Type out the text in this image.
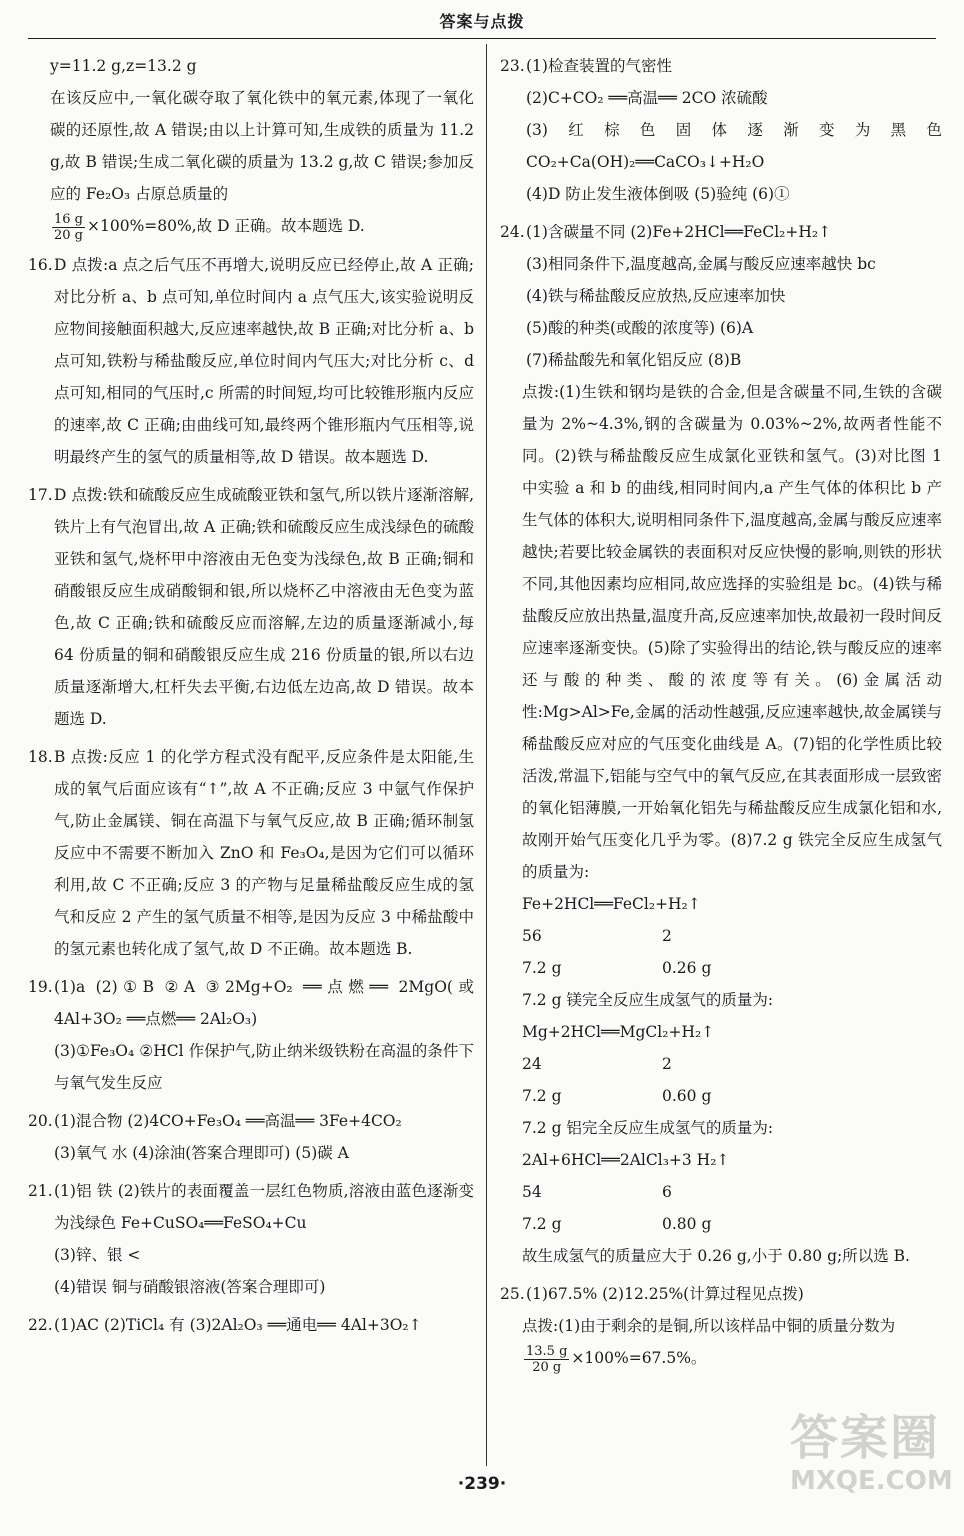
答案与点拨

y=11.2 g,z=13.2 g

在该反应中,一氧化碳夺取了氧化铁中的氧元素,体现了一氧化碳的还原性,故 A 错误;由以上计算可知,生成铁的质量为 11.2 g,故 B 错误;生成二氧化碳的质量为 13.2 g,故 C 错误;参加反应的 Fe₂O₃ 占原总质量的

$\frac{16 g}{20 g} \times 100\%=80\%$,故 D 正确。故本题选 D.

16. D 点拨:a 点之后气压不再增大,说明反应已经停止,故 A 正确;对比分析 a、b 点可知,单位时间内 a 点气压大,该实验说明反应物间接触面积越大,反应速率越快,故 B 正确;对比分析 a、b 点可知,铁粉与稀盐酸反应,单位时间内气压大;对比分析 c、d 点可知,相同的气压时,c 所需的时间短,均可比较锥形瓶内反应的速率,故 C 正确;由曲线可知,最终两个锥形瓶内气压相等,说明最终产生的氢气的质量相等,故 D 错误。故本题选 D.
17. D 点拨:铁和硫酸反应生成硫酸亚铁和氢气,所以铁片逐渐溶解,铁片上有气泡冒出,故 A 正确;铁和硫酸反应生成浅绿色的硫酸亚铁和氢气,烧杯甲中溶液由无色变为浅绿色,故 B 正确;铜和硝酸银反应生成硝酸铜和银,所以烧杯乙中溶液由无色变为蓝色,故 C 正确;铁和硫酸反应而溶解,左边的质量逐渐减小,每 64 份质量的铜和硝酸银反应生成 216 份质量的银,所以右边质量逐渐增大,杠杆失去平衡,右边低左边高,故 D 错误。故本题选 D.
18. B 点拨:反应 1 的化学方程式没有配平,反应条件是太阳能,生成的氧气后面应该有“↑”,故 A 不正确;反应 3 中氩气作保护气,防止金属镁、铜在高温下与氧气反应,故 B 正确;循环制氢反应中不需要不断加入 ZnO 和 Fe₃O₄,是因为它们可以循环利用,故 C 不正确;反应 3 的产物与足量稀盐酸反应生成的氢气和反应 2 产生的氢气质量不相等,是因为反应 3 中稀盐酸中的氢元素也转化成了氢气,故 D 不正确。故本题选 B.
19. (1)a (2)①B ②A ③2Mg+O₂ ══点燃══ 2MgO(或 4Al+3O₂ ══点燃══ 2Al₂O₃)
(3)①Fe₃O₄ ②HCl 作保护气,防止纳米级铁粉在高温的条件下与氧气发生反应
20. (1)混合物 (2)4CO+Fe₃O₄ ══高温══ 3Fe+4CO₂
(3)氧气 水 (4)涂油(答案合理即可) (5)碳 A
21. (1)铝 铁 (2)铁片的表面覆盖一层红色物质,溶液由蓝色逐渐变为浅绿色 Fe+CuSO₄══FeSO₄+Cu
(3)锌、银 <
(4)错误 铜与硝酸银溶液(答案合理即可)
22. (1)AC (2)TiCl₄ 有 (3)2Al₂O₃ ══通电══ 4Al+3O₂↑
23. (1)检查装置的气密性
(2)C+CO₂ ══高温══ 2CO 浓硫酸
(3)红棕色固体逐渐变为黑色 CO₂+Ca(OH)₂══CaCO₃↓+H₂O
(4)D 防止发生液体倒吸 (5)验纯 (6)①
24. (1)含碳量不同 (2)Fe+2HCl══FeCl₂+H₂↑
(3)相同条件下,温度越高,金属与酸反应速率越快 bc
(4)铁与稀盐酸反应放热,反应速率加快
(5)酸的种类(或酸的浓度等) (6)A
(7)稀盐酸先和氧化铝反应 (8)B

点拨:(1)生铁和钢均是铁的合金,但是含碳量不同,生铁的含碳量为 2%~4.3%,钢的含碳量为 0.03%~2%,故两者性能不同。(2)铁与稀盐酸反应生成氯化亚铁和氢气。(3)对比图 1 中实验 a 和 b 的曲线,相同时间内,a 产生气体的体积比 b 产生气体的体积大,说明相同条件下,温度越高,金属与酸反应速率越快;若要比较金属铁的表面积对反应快慢的影响,则铁的形状不同,其他因素均应相同,故应选择的实验组是 bc。(4)铁与稀盐酸反应放出热量,温度升高,反应速率加快,故最初一段时间反应速率逐渐变快。(5)除了实验得出的结论,铁与酸反应的速率还与酸的种类、酸的浓度等有关。(6)金属活动性:Mg>Al>Fe,金属的活动性越强,反应速率越快,故金属镁与稀盐酸反应对应的气压变化曲线是 A。(7)铝的化学性质比较活泼,常温下,铝能与空气中的氧气反应,在其表面形成一层致密的氧化铝薄膜,一开始氧化铝先与稀盐酸反应生成氯化铝和水,故刚开始气压变化几乎为零。(8)7.2 g 铁完全反应生成氢气的质量为:

Fe+2HCl══FeCl₂+H₂↑
56	2
7.2 g	0.26 g

7.2 g 镁完全反应生成氢气的质量为:

Mg+2HCl══MgCl₂+H₂↑
24	2
7.2 g	0.60 g

7.2 g 铝完全反应生成氢气的质量为:

2Al+6HCl══2AlCl₃+3 H₂↑
54	6
7.2 g	0.80 g

故生成氢气的质量应大于 0.26 g,小于 0.80 g;所以选 B.

25. (1)67.5% (2)12.25%(计算过程见点拨)

点拨:(1)由于剩余的是铜,所以该样品中铜的质量分数为

$\frac{13.5 g}{20 g} \times 100\%=67.5\%$。

·239·
答案圈
MXQE.COM
